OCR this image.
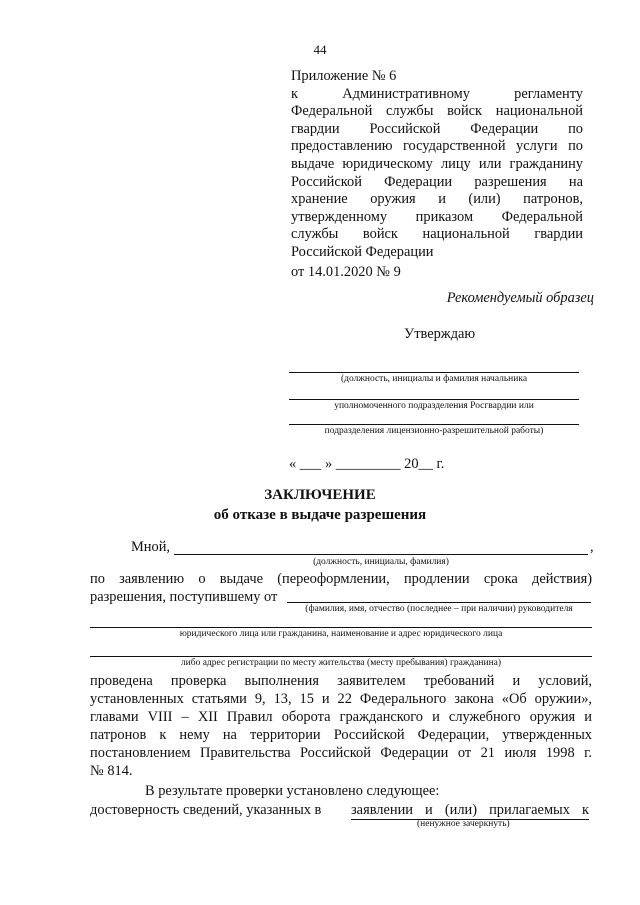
44
Приложение № 6
к Административному регламенту
Федеральной службы войск национальной
гвардии Российской Федерации по
предоставлению государственной услуги по
выдаче юридическому лицу или гражданину
Российской Федерации разрешения на
хранение оружия и (или) патронов,
утвержденному приказом Федеральной
службы войск национальной гвардии
Российской Федерации
от 14.01.2020 № 9
Рекомендуемый образец
Утверждаю
(должность, инициалы и фамилия начальника
уполномоченного подразделения Росгвардии или
подразделения лицензионно-разрешительной работы)
« ___ » _________ 20__ г.
ЗАКЛЮЧЕНИЕ
об отказе в выдаче разрешения
Мной,	,
(должность, инициалы, фамилия)
по заявлению о выдаче (переоформлении, продлении срока действия)
разрешения, поступившему от
(фамилия, имя, отчество (последнее – при наличии) руководителя
юридического лица или гражданина, наименование и адрес юридического лица
либо адрес регистрации по месту жительства (месту пребывания) гражданина)
проведена проверка выполнения заявителем требований и условий,
установленных статьями 9, 13, 15 и 22 Федерального закона «Об оружии»,
главами VIII – XII Правил оборота гражданского и служебного оружия и
патронов к нему на территории Российской Федерации, утвержденных
постановлением Правительства Российской Федерации от 21 июля 1998 г.
№ 814.
В результате проверки установлено следующее:
достоверность сведений, указанных в заявлении и (или) прилагаемых к
(ненужное зачеркнуть)
